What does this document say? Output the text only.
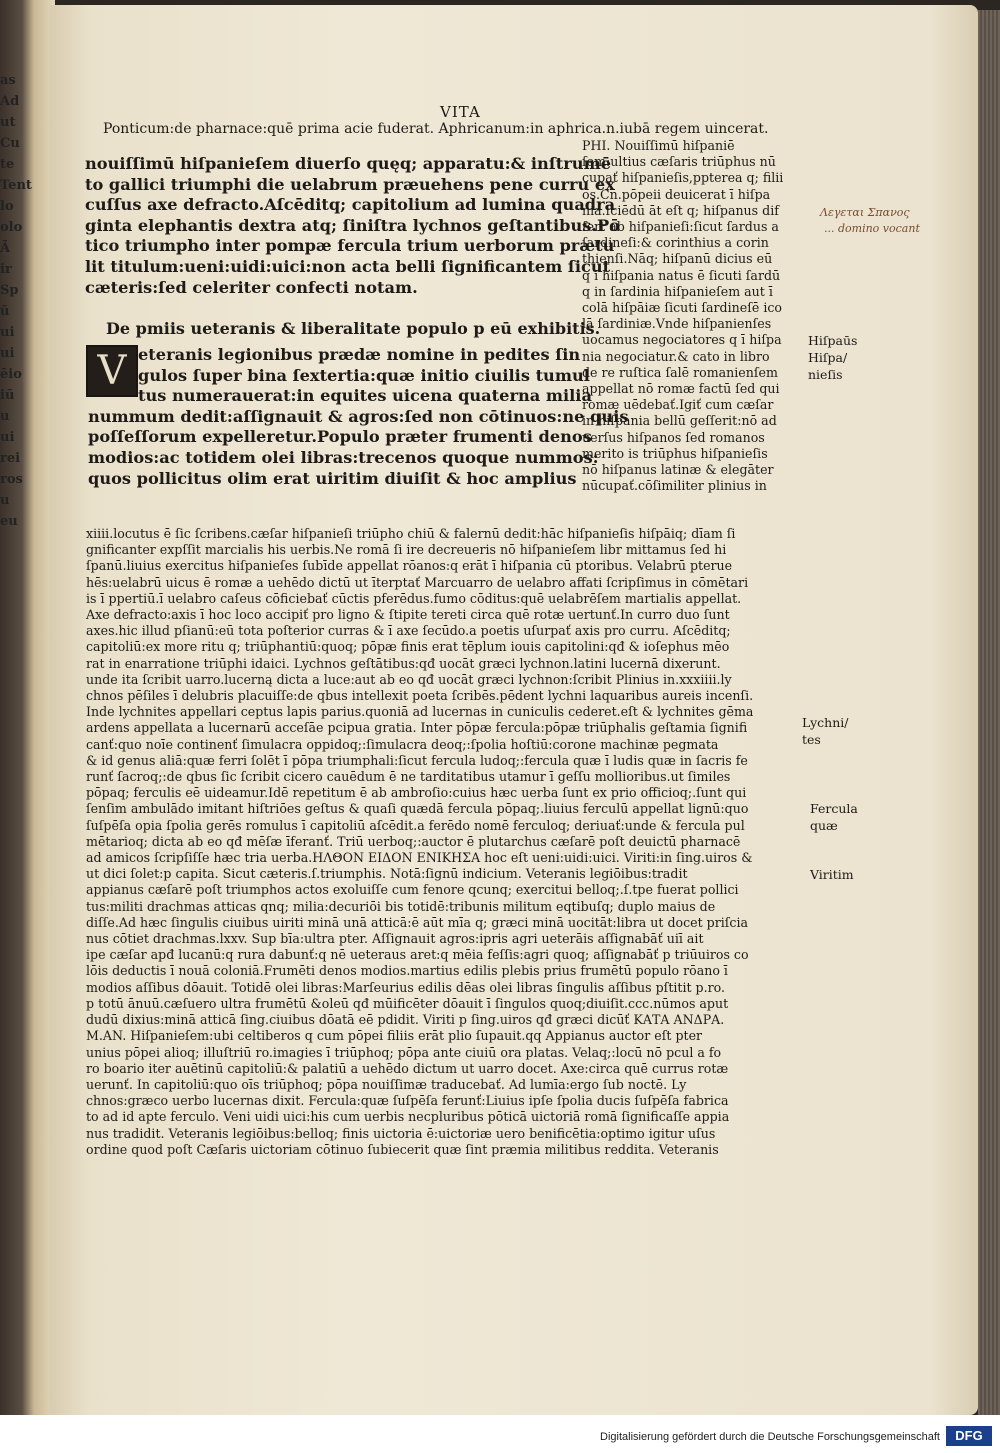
as
Ad
ut
Cu
te
Tent
lo
olo
Ā
ir
Sp
ū
ui
ui
ēio
iū
u
ui
rei
ros
u
eu
VITA
Ponticum:de pharnace:quē prima acie fuderat. Aphricanum:in aphrica.n.iubā regem uincerat.
nouiſſimū hiſpanieſem diuerſo quęq; apparatu:& inſtrumē
to gallici triumphi die uelabrum præuehens pene curru ex
cuſſus axe defracto.Aſcēditq; capitolium ad lumina quadra
ginta elephantis dextra atq; ſiniſtra lychnos geſtantibus.Pō
tico triumpho inter pompæ fercula trium uerborum prætu
lit titulum:ueni:uidi:uici:non acta belli ſignificantem ſicut
cæteris:ſed celeriter confecti notam.
De pmiis ueteranis & liberalitate populo p eū exhibitis.
V eteranis legionibus prædæ nomine in pedites ſin
gulos ſuper bina ſextertia:quæ initio ciuilis tumul
tus numerauerat:in equites uicena quaterna milia
nummum dedit:aſſignauit & agros:ſed non cōtinuos:ne quis
poſſeſſorum expelleretur.Populo præter frumenti denos
modios:ac totidem olei libras:trecenos quoque nummos:
quos pollicitus olim erat uiritim diuiſit & hoc amplius
PHI. Nouiſſimū hiſpaniē
ſem:ultius cæſaris triūphus nū
cupať hiſpanieſis,ppterea q; filii
os.Cn.pōpeii deuicerat ī hiſpa
nia.ſciēdū āt eſt q; hiſpanus dif
fert ab hiſpanieſi:ſicut ſardus a
ſardineſi:& corinthius a corin
thienſi.Nāq; hiſpanū dicius eū
q ī hiſpania natus ē ſicuti ſardū
q in ſardinia hiſpanieſem aut ī
colā hiſpāiæ ſicuti ſardineſē ico
lā ſardiniæ.Vnde hiſpanienſes
uocamus negociatores q ī hiſpa
nia negociatur.& cato in libro
de re ruſtica ſalē romanienſem
appellat nō romæ factū ſed qui
romæ uēdebať.Igiť cum cæſar
in hiſpania bellū geſſerit:nō ad
uerſus hiſpanos ſed romanos
merito is triūphus hiſpanieſis
nō hiſpanus latinæ & elegāter
nūcupať.cōſimiliter plinius in
xiiii.locutus ē ſic ſcribens.cæſar hiſpanieſi triūpho chiū & falernū dedit:hāc hiſpanieſis hiſpāiq; dīam ſi
gnificanter expſſit marcialis his uerbis.Ne romā ſi ire decreueris nō hiſpanieſem libr mittamus ſed hi
ſpanū.liuius exercitus hiſpanieſes ſubīde appellat rōanos:q erāt ī hiſpania cū ptoribus. Velabrū pterue
hēs:uelabrū uicus ē romæ a uehēdo dictū ut īterptať Marcuarro de uelabro affati ſcripſimus in cōmētari
is ī ppertiū.ī uelabro caſeus cōficiebať cūctis pferēdus.fumo cōditus:quē uelabrēſem martialis appellat.
Axe defracto:axis ī hoc loco accipiť pro ligno & ſtipite tereti circa quē rotæ uertunť.In curro duo ſunt
axes.hic illud pſianū:eū tota poſterior curras & ī axe ſecūdo.a poetis uſurpať axis pro curru. Aſcēditq;
capitoliū:ex more ritu q; triūphantiū:quoq; pōpæ finis erat tēplum iouis capitolini:qđ & ioſephus mēo
rat in enarratione triūphi idaici. Lychnos geſtātibus:qđ uocāt græci lychnon.latini lucernā dixerunt.
unde ita ſcribit uarro.lucerną dicta a luce:aut ab eo qđ uocāt græci lychnon:ſcribit Plinius in.xxxiiii.ly
chnos pēſiles ī delubris placuiſſe:de qbus intellexit poeta ſcribēs.pēdent lychni laquaribus aureis incenſi.
Inde lychnites appellari ceptus lapis parius.quoniā ad lucernas in cuniculis cederet.eſt & lychnites gēma
ardens appellata a lucernarū acceſāe pcipua gratia. Inter pōpæ fercula:pōpæ triūphalis geſtamia ſignifi
canť:quo noīe continenť ſimulacra oppidoq;:ſimulacra deoq;:ſpolia hoſtiū:corone machinæ pegmata
& id genus aliā:quæ ferri ſolēt ī pōpa triumphali:ſicut fercula ludoq;:fercula quæ ī ludis quæ in ſacris fe
runť ſacroq;:de qbus ſic ſcribit cicero cauēdum ē ne tarditatibus utamur ī geſſu mollioribus.ut ſimiles
pōpaq; ferculis eē uideamur.Idē repetitum ē ab ambroſio:cuius hæc uerba ſunt ex prio officioq;.ſunt qui
ſenſim ambulādo imitant hiſtriōes geſtus & quaſi quædā fercula pōpaq;.liuius ferculū appellat lignū:quo
ſuſpēſa opia ſpolia gerēs romulus ī capitoliū aſcēdit.a ferēdo nomē ferculoq; deriuať:unde & fercula pul
mētarioq; dicta ab eo qđ mēſæ īferanť. Triū uerboq;:auctor ē plutarchus cæſarē poſt deuictū pharnacē
ad amicos ſcripſiſſe hæc tria uerba.ΗΛΘΟΝ ΕΙΔΟΝ ΕΝΙΚΗΣΑ hoc eſt ueni:uidi:uici. Viriti:in ſing.uiros &
ut dici ſolet:p capita. Sicut cæteris.ſ.triumphis. Notā:ſignū indicium. Veteranis legiōibus:tradit
appianus cæſarē poſt triumphos actos exoluiſſe cum fenore qcunq; exercitui belloq;.ſ.tpe fuerat pollici
tus:militi drachmas atticas qnq; milia:decuriōi bis totidē:tribunis militum eqtibuſq; duplo maius de
diſſe.Ad hæc ſingulis ciuibus uiriti minā unā atticā:ē aūt mīa q; græci minā uocitāt:libra ut docet priſcia
nus cōtiet drachmas.lxxv. Sup bīa:ultra pter. Aſſignauit agros:ipris agri ueterāis aſſignabāť uiī ait
ipe cæſar apđ lucanū:q rura dabunť:q nē ueteraus aret:q mēia feſſis:agri quoq; aſſignabāť p triūuiros co
lōis deductis ī nouā coloniā.Frumēti denos modios.martius edilis plebis prius frumētū populo rōano ī
modios aſſibus dōauit. Totidē olei libras:Marſeurius edilis dēas olei libras ſingulis aſſibus pſtitit p.ro.
p totū ānuū.cæſuero ultra frumētū &oleū qđ mūificēter dōauit ī ſingulos quoq;diuiſit.ccc.nūmos aput
dudū dixius:minā atticā ſing.ciuibus dōatā eē pdidit. Viriti p ſing.uiros qđ græci dicūť ΚΑΤΑ ΑΝΔΡΑ.
M.AN. Hiſpanieſem:ubi celtiberos q cum pōpei filiis erāt plio ſupauit.qq Appianus auctor eſt pter
unius pōpei alioq; illuſtriū ro.imagies ī triūphoq; pōpa ante ciuiū ora platas. Velaq;:locū nō pcul a fo
ro boario iter auētinū capitoliū:& palatiū a uehēdo dictum ut uarro docet. Axe:circa quē currus rotæ
uerunť. In capitoliū:quo oīs triūphoq; pōpa nouiſſimæ traducebať. Ad lumīa:ergo ſub noctē. Ly
chnos:græco uerbo lucernas dixit. Fercula:quæ ſuſpēſa ferunť:Liuius ipſe ſpolia ducis ſuſpēſa fabrica
to ad id apte ferculo. Veni uidi uici:his cum uerbis necpluribus pōticā uictoriā romā ſignificaſſe appia
nus tradidit. Veteranis legiōibus:belloq; finis uictoria ē:uictoriæ uero benificētia:optimo igitur uſus
ordine quod poſt Cæſaris uictoriam cōtinuo ſubiecerit quæ ſint præmia militibus reddita. Veteranis
Hiſpaūs
Hiſpa/
nieſis
Lychni/
tes
Fercula
quæ
Viritim
Λεγεται Σπανος
... domino vocant
Digitalisierung gefördert durch die Deutsche Forschungsgemeinschaft	DFG
